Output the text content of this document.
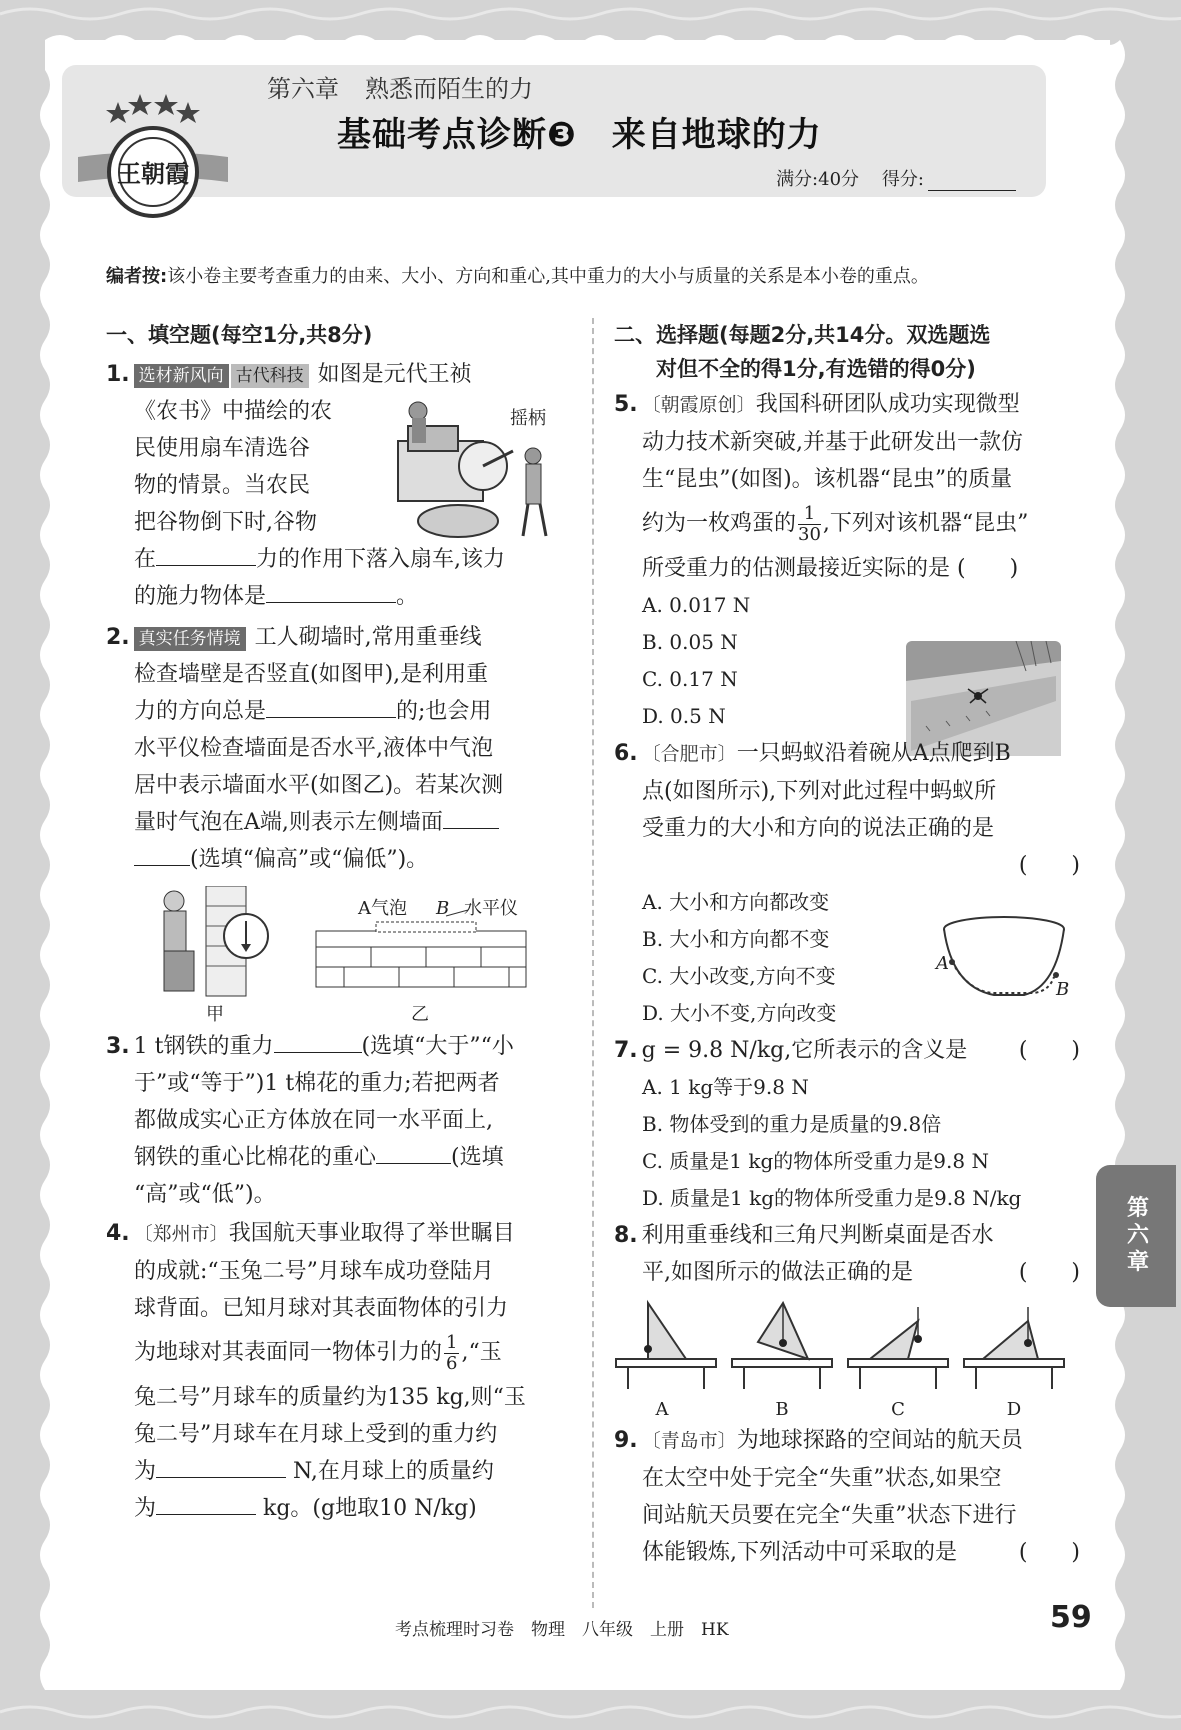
第六章 熟悉而陌生的力
基础考点诊断❸　来自地球的力
满分:40分 得分:
王朝霞
编者按:该小卷主要考查重力的由来、大小、方向和重心,其中重力的大小与质量的关系是本小卷的重点。
一、填空题(每空1分,共8分)
1. 选材新风向 古代科技 如图是元代王祯
《农书》中描绘的农
民使用扇车清选谷
物的情景。当农民
把谷物倒下时,谷物
在	力的作用下落入扇车,该力
的施力物体是	。
摇柄
2. 真实任务情境 工人砌墙时,常用重垂线
检查墙壁是否竖直(如图甲),是利用重
力的方向总是	的;也会用
水平仪检查墙面是否水平,液体中气泡
居中表示墙面水平(如图乙)。若某次测
量时气泡在A端,则表示左侧墙面
(选填“偏高”或“偏低”)。
甲
A气泡 B 水平仪
乙
3. 1 t钢铁的重力	(选填“大于”“小
于”或“等于”)1 t棉花的重力;若把两者
都做成实心正方体放在同一水平面上,
钢铁的重心比棉花的重心	(选填
“高”或“低”)。
4. 〔郑州市〕我国航天事业取得了举世瞩目
的成就:“玉兔二号”月球车成功登陆月
球背面。已知月球对其表面物体的引力
为地球对其表面同一物体引力的 $\frac{1}{6}$ ,“玉
兔二号”月球车的质量约为135 kg,则“玉
兔二号”月球车在月球上受到的重力约
为	N,在月球上的质量约
为	kg。(g地取10 N/kg)
二、选择题(每题2分,共14分。双选题选
对但不全的得1分,有选错的得0分)
5. 〔朝霞原创〕我国科研团队成功实现微型
动力技术新突破,并基于此研发出一款仿
生“昆虫”(如图)。该机器“昆虫”的质量
约为一枚鸡蛋的 $\frac{1}{30}$ ,下列对该机器“昆虫”
所受重力的估测最接近实际的是 (　　)
A. 0.017 N
B. 0.05 N
C. 0.17 N
D. 0.5 N
6. 〔合肥市〕一只蚂蚁沿着碗从A点爬到B
点(如图所示),下列对此过程中蚂蚁所
受重力的大小和方向的说法正确的是
(　　)
A. 大小和方向都改变
B. 大小和方向都不变
C. 大小改变,方向不变
D. 大小不变,方向改变
A
B
7. g = 9.8 N/kg,它所表示的含义是 (　　)
A. 1 kg等于9.8 N
B. 物体受到的重力是质量的9.8倍
C. 质量是1 kg的物体所受重力是9.8 N
D. 质量是1 kg的物体所受重力是9.8 N/kg
8. 利用重垂线和三角尺判断桌面是否水
平,如图所示的做法正确的是	(　　)
A	B	C	D
9. 〔青岛市〕为地球探路的空间站的航天员
在太空中处于完全“失重”状态,如果空
间站航天员要在完全“失重”状态下进行
体能锻炼,下列活动中可采取的是	(　　)
第六章
考点梳理时习卷　物理　八年级　上册　HK	59
